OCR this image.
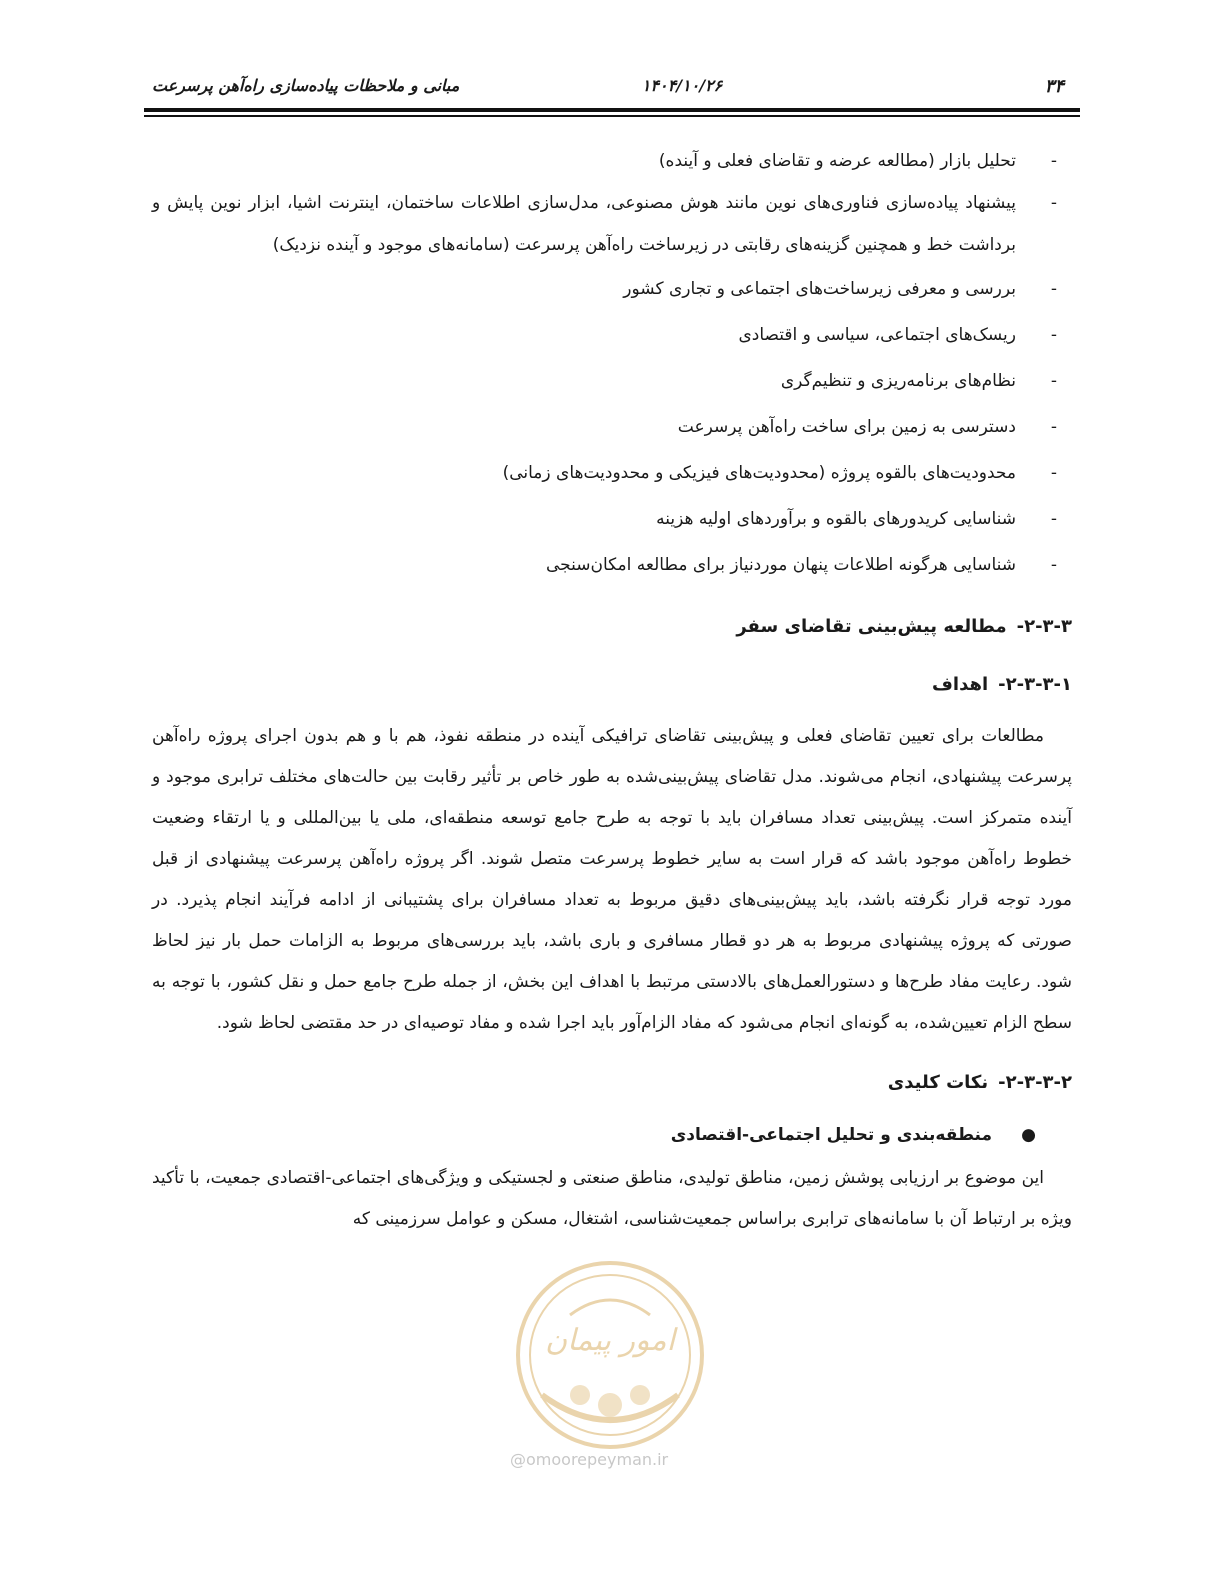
۳۴
۱۴۰۴/۱۰/۲۶
مبانی و ملاحظات پیاده‌سازی راه‌آهن پرسرعت
-
تحلیل بازار (مطالعه عرضه و تقاضای فعلی و آینده)
-
پیشنهاد پیاده‌سازی فناوری‌های نوین مانند هوش مصنوعی، مدل‌سازی اطلاعات ساختمان، اینترنت اشیا، ابزار نوین پایش و برداشت خط و همچنین گزینه‌های رقابتی در زیرساخت راه‌آهن پرسرعت (سامانه‌های موجود و آینده نزدیک)
-
بررسی و معرفی زیرساخت‌های اجتماعی و تجاری کشور
-
ریسک‌های اجتماعی، سیاسی و اقتصادی
-
نظام‌های برنامه‌ریزی و تنظیم‌گری
-
دسترسی به زمین برای ساخت راه‌آهن پرسرعت
-
محدودیت‌های بالقوه پروژه (محدودیت‌های فیزیکی و محدودیت‌های زمانی)
-
شناسایی کریدورهای بالقوه و برآوردهای اولیه هزینه
-
شناسایی هرگونه اطلاعات پنهان موردنیاز برای مطالعه امکان‌سنجی
۲-۳-۳-مطالعه پیش‌بینی تقاضای سفر
۲-۳-۳-۱-اهداف

مطالعات برای تعیین تقاضای فعلی و پیش‌بینی تقاضای ترافیکی آینده در منطقه نفوذ، هم با و هم بدون اجرای پروژه راه‌آهن پرسرعت پیشنهادی، انجام می‌شوند. مدل تقاضای پیش‌بینی‌شده به طور خاص بر تأثیر رقابت بین حالت‌های مختلف ترابری موجود و آینده متمرکز است. پیش‌بینی تعداد مسافران باید با توجه به طرح جامع توسعه منطقه‌ای، ملی یا بین‌المللی و یا ارتقاء وضعیت خطوط راه‌آهن موجود باشد که قرار است به سایر خطوط پرسرعت متصل شوند. اگر پروژه راه‌آهن پرسرعت پیشنهادی از قبل مورد توجه قرار نگرفته باشد، باید پیش‌بینی‌های دقیق مربوط به تعداد مسافران برای پشتیبانی از ادامه فرآیند انجام پذیرد. در صورتی که پروژه پیشنهادی مربوط به هر دو قطار مسافری و باری باشد، باید بررسی‌های مربوط به الزامات حمل بار نیز لحاظ شود. رعایت مفاد طرح‌ها و دستورالعمل‌های بالادستی مرتبط با اهداف این بخش، از جمله طرح جامع حمل و نقل کشور، با توجه به سطح الزام تعیین‌شده، به گونه‌ای انجام می‌شود که مفاد الزام‌آور باید اجرا شده و مفاد توصیه‌ای در حد مقتضی لحاظ شود.

۲-۳-۳-۲-نکات کلیدی
●
منطقه‌بندی و تحلیل اجتماعی-اقتصادی

این موضوع بر ارزیابی پوشش زمین، مناطق تولیدی، مناطق صنعتی و لجستیکی و ویژگی‌های اجتماعی-اقتصادی جمعیت، با تأکید ویژه بر ارتباط آن با سامانه‌های ترابری براساس جمعیت‌شناسی، اشتغال، مسکن و عوامل سرزمینی که

امور پیمان
@omoorepeyman.ir
